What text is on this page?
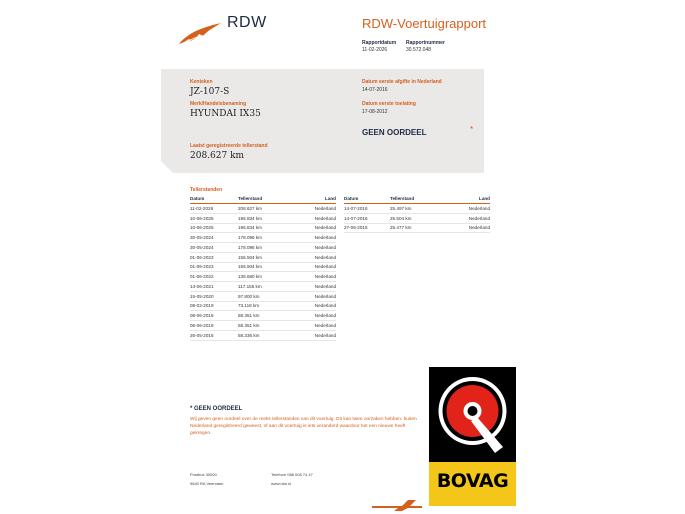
RDW	RDW-Voertuigrapport
Rapportdatum
11-02-2026
Rapportnummer
30.572.048
Kenteken
JZ-107-S
Merk/Handelsbenaming
HYUNDAI IX35
Laatst geregistreerde tellerstand
208.627 km
Datum eerste afgifte in Nederland
14-07-2016
Datum eerste toelating
17-08-2012
GEEN OORDEEL	*
Tellerstanden
Datum	Tellerstand	Land
11-02-2026	208.627 km	Nederland
10-06-2025	196.834 km	Nederland
10-06-2025	196.834 km	Nederland
30-05-2024	178.096 km	Nederland
30-05-2024	178.096 km	Nederland
01-06-2023	156.504 km	Nederland
01-06-2023	156.504 km	Nederland
01-06-2022	135.680 km	Nederland
14-06-2021	117.155 km	Nederland
15-05-2020	97.800 km	Nederland
08-02-2019	73.118 km	Nederland
08-06-2018	58.351 km	Nederland
06-06-2018	58.351 km	Nederland
26-05-2018	58.336 km	Nederland
Datum	Tellerstand	Land
14-07-2016	25.497 km	Nederland
14-07-2016	25.504 km	Nederland
27-06-2016	25.477 km	Nederland
* GEEN OORDEEL
Wij geven geen oordeel over de reeks tellerstanden van dit voertuig. Dit kan twee oorzaken hebben: buiten Nederland geregistreerd geweest, of aan dit voertuig is iets veranderd waardoor het een nieuwe heeft gekregen.
Postbus 30000
9640 RA Veendam
Telefoon 088 008 74 47
www.rdw.nl	BOVAG
